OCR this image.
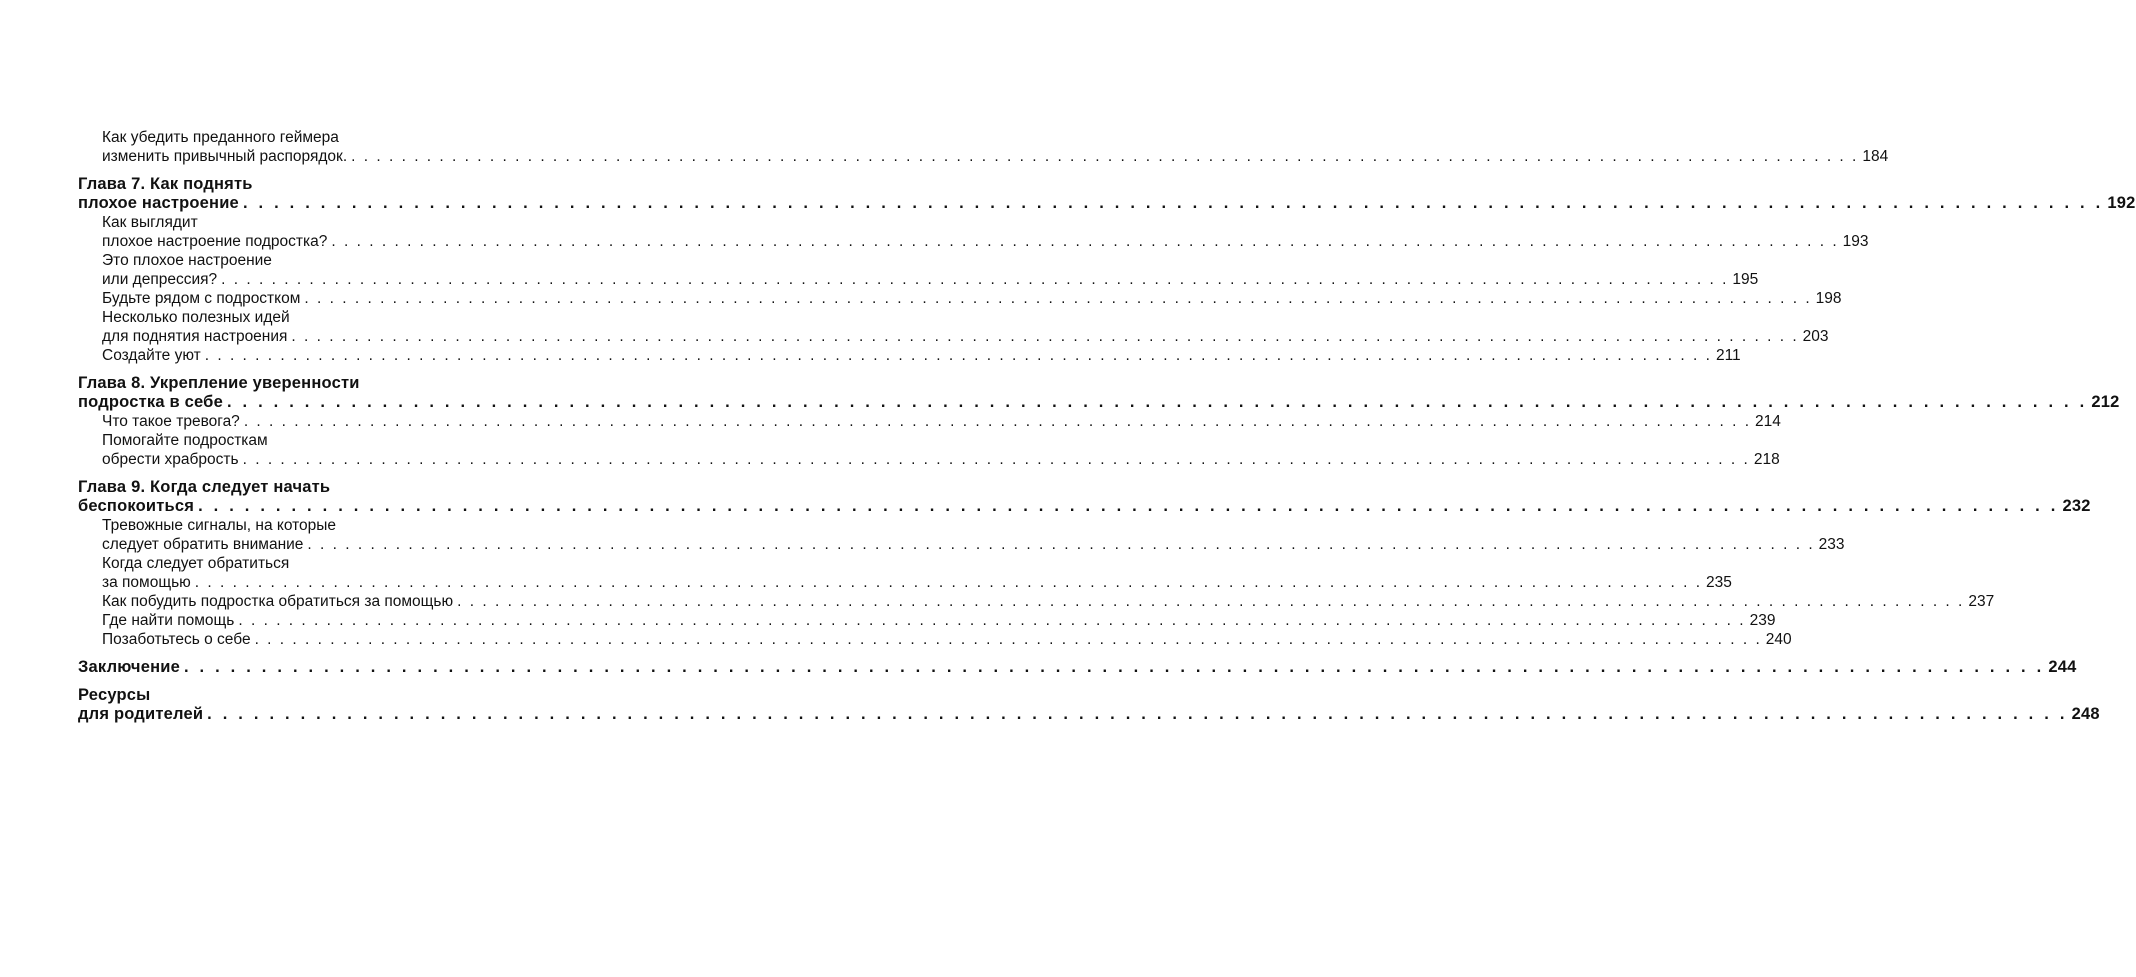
Как убедить преданного геймера
изменить привычный распорядок. . . . . . . . . . . . . . . . . . . . . . . . . . . . . . . . . . . . . . . . . . . . . . . . . . . . . . . . . . . . . . . . . . . . . . . . . . . . . . . . . . . . . . . . . . . . . . . . . . . . . . . . . . . . . . . . . . . . . . . . . 184
Глава 7. Как поднять
плохое настроение . . . . . . . . . . . . . . . . . . . . . . . . . . . . . . . . . . . . . . . . . . . . . . . . . . . . . . . . . . . . . . . . . . . . . . . . . . . . . . . . . . . . . . . . . . . . . . . . . . . . . . . . . . . . . . . . . . . . . . . . 192
Как выглядит
плохое настроение подростка? . . . . . . . . . . . . . . . . . . . . . . . . . . . . . . . . . . . . . . . . . . . . . . . . . . . . . . . . . . . . . . . . . . . . . . . . . . . . . . . . . . . . . . . . . . . . . . . . . . . . . . . . . . . . . . . . . . . . . . . . 193
Это плохое настроение
или депрессия? . . . . . . . . . . . . . . . . . . . . . . . . . . . . . . . . . . . . . . . . . . . . . . . . . . . . . . . . . . . . . . . . . . . . . . . . . . . . . . . . . . . . . . . . . . . . . . . . . . . . . . . . . . . . . . . . . . . . . . . . 195
Будьте рядом с подростком . . . . . . . . . . . . . . . . . . . . . . . . . . . . . . . . . . . . . . . . . . . . . . . . . . . . . . . . . . . . . . . . . . . . . . . . . . . . . . . . . . . . . . . . . . . . . . . . . . . . . . . . . . . . . . . . . . . . . . . . 198
Несколько полезных идей
для поднятия настроения . . . . . . . . . . . . . . . . . . . . . . . . . . . . . . . . . . . . . . . . . . . . . . . . . . . . . . . . . . . . . . . . . . . . . . . . . . . . . . . . . . . . . . . . . . . . . . . . . . . . . . . . . . . . . . . . . . . . . . . . 203
Создайте уют . . . . . . . . . . . . . . . . . . . . . . . . . . . . . . . . . . . . . . . . . . . . . . . . . . . . . . . . . . . . . . . . . . . . . . . . . . . . . . . . . . . . . . . . . . . . . . . . . . . . . . . . . . . . . . . . . . . . . . . . 211
Глава 8. Укрепление уверенности
подростка в себе . . . . . . . . . . . . . . . . . . . . . . . . . . . . . . . . . . . . . . . . . . . . . . . . . . . . . . . . . . . . . . . . . . . . . . . . . . . . . . . . . . . . . . . . . . . . . . . . . . . . . . . . . . . . . . . . . . . . . . . . 212
Что такое тревога? . . . . . . . . . . . . . . . . . . . . . . . . . . . . . . . . . . . . . . . . . . . . . . . . . . . . . . . . . . . . . . . . . . . . . . . . . . . . . . . . . . . . . . . . . . . . . . . . . . . . . . . . . . . . . . . . . . . . . . . . 214
Помогайте подросткам
обрести храбрость . . . . . . . . . . . . . . . . . . . . . . . . . . . . . . . . . . . . . . . . . . . . . . . . . . . . . . . . . . . . . . . . . . . . . . . . . . . . . . . . . . . . . . . . . . . . . . . . . . . . . . . . . . . . . . . . . . . . . . . . 218
Глава 9. Когда следует начать
беспокоиться . . . . . . . . . . . . . . . . . . . . . . . . . . . . . . . . . . . . . . . . . . . . . . . . . . . . . . . . . . . . . . . . . . . . . . . . . . . . . . . . . . . . . . . . . . . . . . . . . . . . . . . . . . . . . . . . . . . . . . . . 232
Тревожные сигналы, на которые
следует обратить внимание . . . . . . . . . . . . . . . . . . . . . . . . . . . . . . . . . . . . . . . . . . . . . . . . . . . . . . . . . . . . . . . . . . . . . . . . . . . . . . . . . . . . . . . . . . . . . . . . . . . . . . . . . . . . . . . . . . . . . . . . 233
Когда следует обратиться
за помощью . . . . . . . . . . . . . . . . . . . . . . . . . . . . . . . . . . . . . . . . . . . . . . . . . . . . . . . . . . . . . . . . . . . . . . . . . . . . . . . . . . . . . . . . . . . . . . . . . . . . . . . . . . . . . . . . . . . . . . . . 235
Как побудить подростка обратиться за помощью . . . . . . . . . . . . . . . . . . . . . . . . . . . . . . . . . . . . . . . . . . . . . . . . . . . . . . . . . . . . . . . . . . . . . . . . . . . . . . . . . . . . . . . . . . . . . . . . . . . . . . . . . . . . . . . . . . . . . . . . 237
Где найти помощь . . . . . . . . . . . . . . . . . . . . . . . . . . . . . . . . . . . . . . . . . . . . . . . . . . . . . . . . . . . . . . . . . . . . . . . . . . . . . . . . . . . . . . . . . . . . . . . . . . . . . . . . . . . . . . . . . . . . . . . . 239
Позаботьтесь о себе . . . . . . . . . . . . . . . . . . . . . . . . . . . . . . . . . . . . . . . . . . . . . . . . . . . . . . . . . . . . . . . . . . . . . . . . . . . . . . . . . . . . . . . . . . . . . . . . . . . . . . . . . . . . . . . . . . . . . . . . 240
Заключение . . . . . . . . . . . . . . . . . . . . . . . . . . . . . . . . . . . . . . . . . . . . . . . . . . . . . . . . . . . . . . . . . . . . . . . . . . . . . . . . . . . . . . . . . . . . . . . . . . . . . . . . . . . . . . . . . . . . . . . . 244
Ресурсы
для родителей . . . . . . . . . . . . . . . . . . . . . . . . . . . . . . . . . . . . . . . . . . . . . . . . . . . . . . . . . . . . . . . . . . . . . . . . . . . . . . . . . . . . . . . . . . . . . . . . . . . . . . . . . . . . . . . . . . . . . . . . 248
